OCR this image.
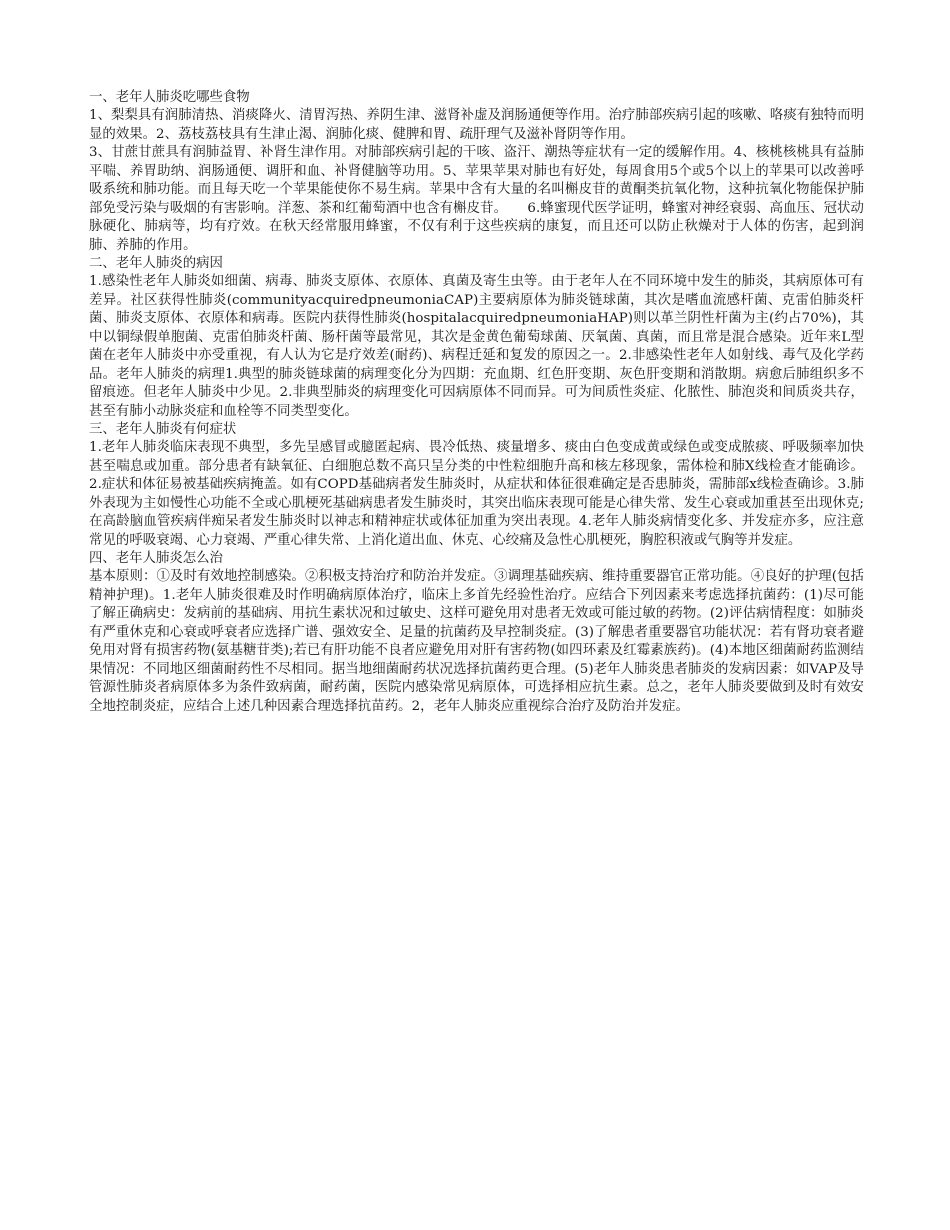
一、老年人肺炎吃哪些食物

1、梨梨具有润肺清热、消痰降火、清胃泻热、养阴生津、滋肾补虚及润肠通便等作用。治疗肺部疾病引起的咳嗽、咯痰有独特而明显的效果。2、荔枝荔枝具有生津止渴、润肺化痰、健脾和胃、疏肝理气及滋补肾阴等作用。

3、甘蔗甘蔗具有润肺益胃、补肾生津作用。对肺部疾病引起的干咳、盗汗、潮热等症状有一定的缓解作用。4、核桃核桃具有益肺平喘、养胃助纳、润肠通便、调肝和血、补肾健脑等功用。5、苹果苹果对肺也有好处，每周食用5个或5个以上的苹果可以改善呼吸系统和肺功能。而且每天吃一个苹果能使你不易生病。苹果中含有大量的名叫槲皮苷的黄酮类抗氧化物，这种抗氧化物能保护肺部免受污染与吸烟的有害影响。洋葱、茶和红葡萄酒中也含有槲皮苷。　　6.蜂蜜现代医学证明，蜂蜜对神经衰弱、高血压、冠状动脉硬化、肺病等，均有疗效。在秋天经常服用蜂蜜，不仅有利于这些疾病的康复，而且还可以防止秋燥对于人体的伤害，起到润肺、养肺的作用。

二、老年人肺炎的病因

1.感染性老年人肺炎如细菌、病毒、肺炎支原体、衣原体、真菌及寄生虫等。由于老年人在不同环境中发生的肺炎，其病原体可有差异。社区获得性肺炎(communityacquiredpneumoniaCAP)主要病原体为肺炎链球菌，其次是嗜血流感杆菌、克雷伯肺炎杆菌、肺炎支原体、衣原体和病毒。医院内获得性肺炎(hospitalacquiredpneumoniaHAP)则以革兰阴性杆菌为主(约占70%)，其中以铜绿假单胞菌、克雷伯肺炎杆菌、肠杆菌等最常见，其次是金黄色葡萄球菌、厌氧菌、真菌，而且常是混合感染。近年来L型菌在老年人肺炎中亦受重视，有人认为它是疗效差(耐药)、病程迁延和复发的原因之一。2.非感染性老年人如射线、毒气及化学药品。老年人肺炎的病理1.典型的肺炎链球菌的病理变化分为四期：充血期、红色肝变期、灰色肝变期和消散期。病愈后肺组织多不留痕迹。但老年人肺炎中少见。2.非典型肺炎的病理变化可因病原体不同而异。可为间质性炎症、化脓性、肺泡炎和间质炎共存，甚至有肺小动脉炎症和血栓等不同类型变化。

三、老年人肺炎有何症状

1.老年人肺炎临床表现不典型，多先呈感冒或臆匿起病、畏冷低热、痰量增多、痰由白色变成黄或绿色或变成脓痰、呼吸频率加快甚至喘息或加重。部分患者有缺氧征、白细胞总数不高只呈分类的中性粒细胞升高和核左移现象，需体检和肺X线检查才能确诊。2.症状和体征易被基础疾病掩盖。如有COPD基础病者发生肺炎时，从症状和体征很难确定是否患肺炎，需肺部x线检查确诊。3.肺外表现为主如慢性心功能不全或心肌梗死基础病患者发生肺炎时，其突出临床表现可能是心律失常、发生心衰或加重甚至出现休克;在高龄脑血管疾病伴痴呆者发生肺炎时以神志和精神症状或体征加重为突出表现。4.老年人肺炎病情变化多、并发症亦多，应注意常见的呼吸衰竭、心力衰竭、严重心律失常、上消化道出血、休克、心绞痛及急性心肌梗死，胸腔积液或气胸等并发症。

四、老年人肺炎怎么治

基本原则：①及时有效地控制感染。②积极支持治疗和防治并发症。③调理基础疾病、维持重要器官正常功能。④良好的护理(包括精神护理)。1.老年人肺炎很难及时作明确病原体治疗，临床上多首先经验性治疗。应结合下列因素来考虑选择抗菌药：(1)尽可能了解正确病史：发病前的基础病、用抗生素状况和过敏史、这样可避免用对患者无效或可能过敏的药物。(2)评估病情程度：如肺炎有严重休克和心衰或呼衰者应选择广谱、强效安全、足量的抗菌药及早控制炎症。(3)了解患者重要器官功能状况：若有肾功衰者避免用对肾有损害药物(氨基糖苷类);若已有肝功能不良者应避免用对肝有害药物(如四环素及红霉素族药)。(4)本地区细菌耐药监测结果情况：不同地区细菌耐药性不尽相同。据当地细菌耐药状况选择抗菌药更合理。(5)老年人肺炎患者肺炎的发病因素：如VAP及导管源性肺炎者病原体多为条件致病菌，耐药菌，医院内感染常见病原体，可选择相应抗生素。总之，老年人肺炎要做到及时有效安全地控制炎症，应结合上述几种因素合理选择抗苗药。2，老年人肺炎应重视综合治疗及防治并发症。
